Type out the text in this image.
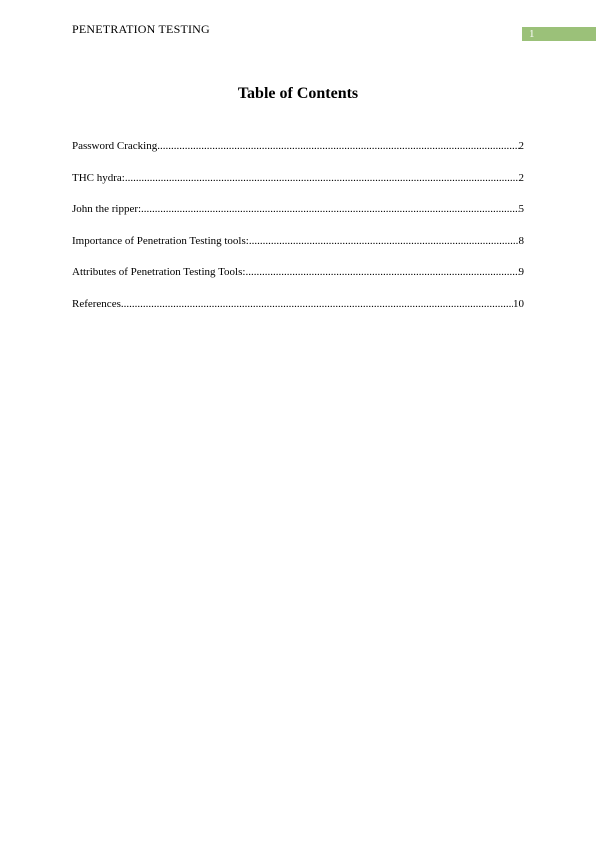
PENETRATION TESTING	1
Table of Contents
Password Cracking .....	2
THC hydra: .....	2
John the ripper: .....	5
Importance of Penetration Testing tools: .....	8
Attributes of Penetration Testing Tools: .....	9
References .....	10
